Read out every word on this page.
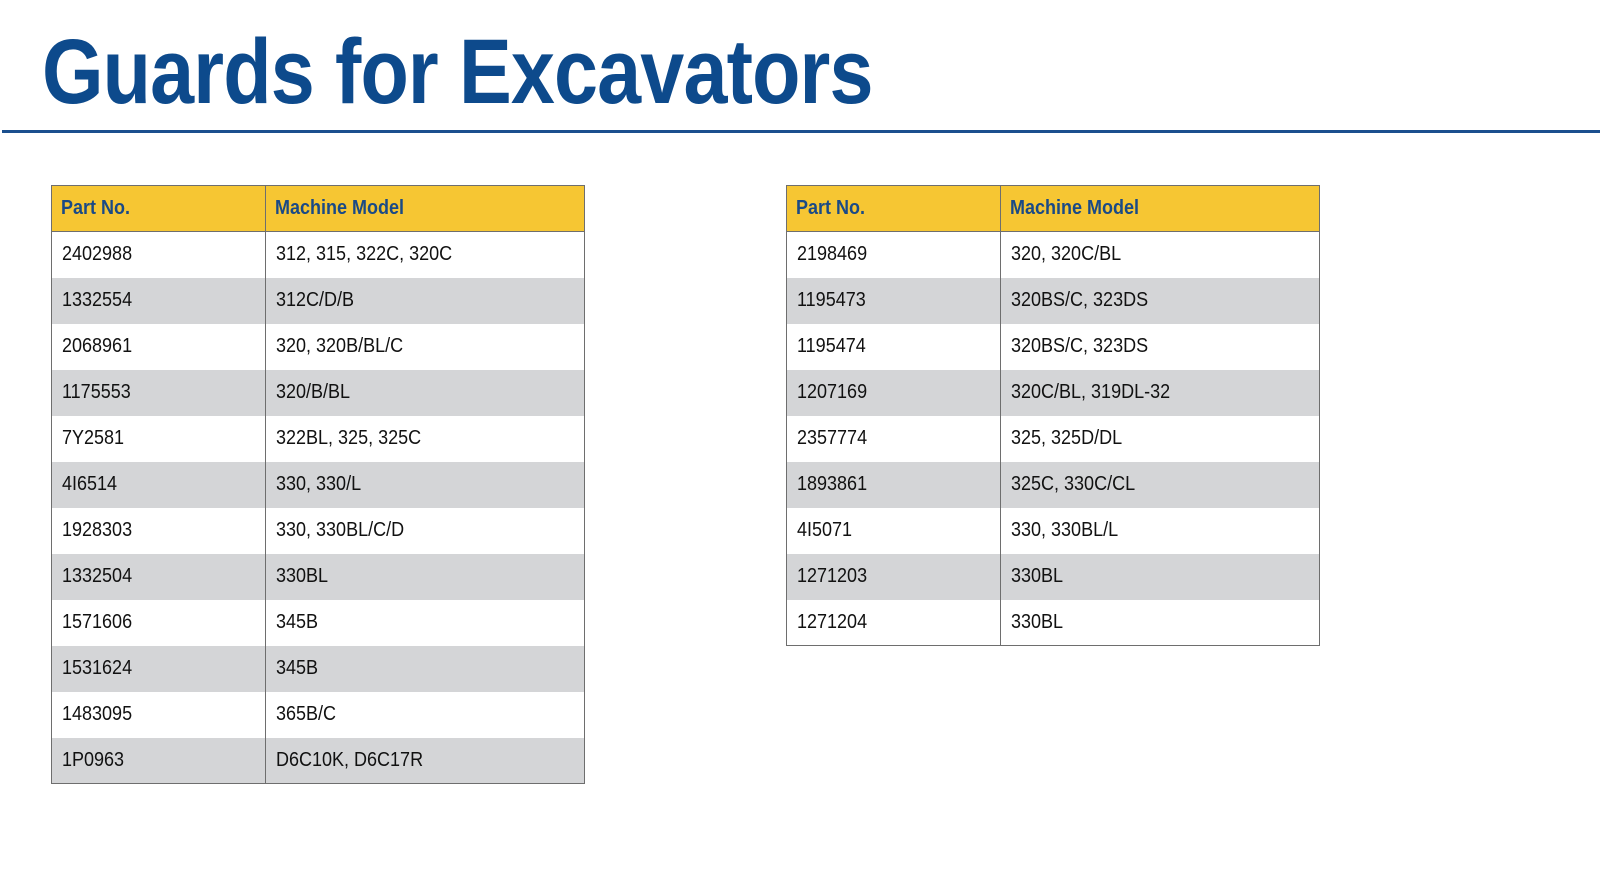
Guards for Excavators
Part No.	Machine Model
2402988	312, 315, 322C, 320C
1332554	312C/D/B
2068961	320, 320B/BL/C
1175553	320/B/BL
7Y2581	322BL, 325, 325C
4I6514	330, 330/L
1928303	330, 330BL/C/D
1332504	330BL
1571606	345B
1531624	345B
1483095	365B/C
1P0963	D6C10K, D6C17R
Part No.	Machine Model
2198469	320, 320C/BL
1195473	320BS/C, 323DS
1195474	320BS/C, 323DS
1207169	320C/BL, 319DL-32
2357774	325, 325D/DL
1893861	325C, 330C/CL
4I5071	330, 330BL/L
1271203	330BL
1271204	330BL
